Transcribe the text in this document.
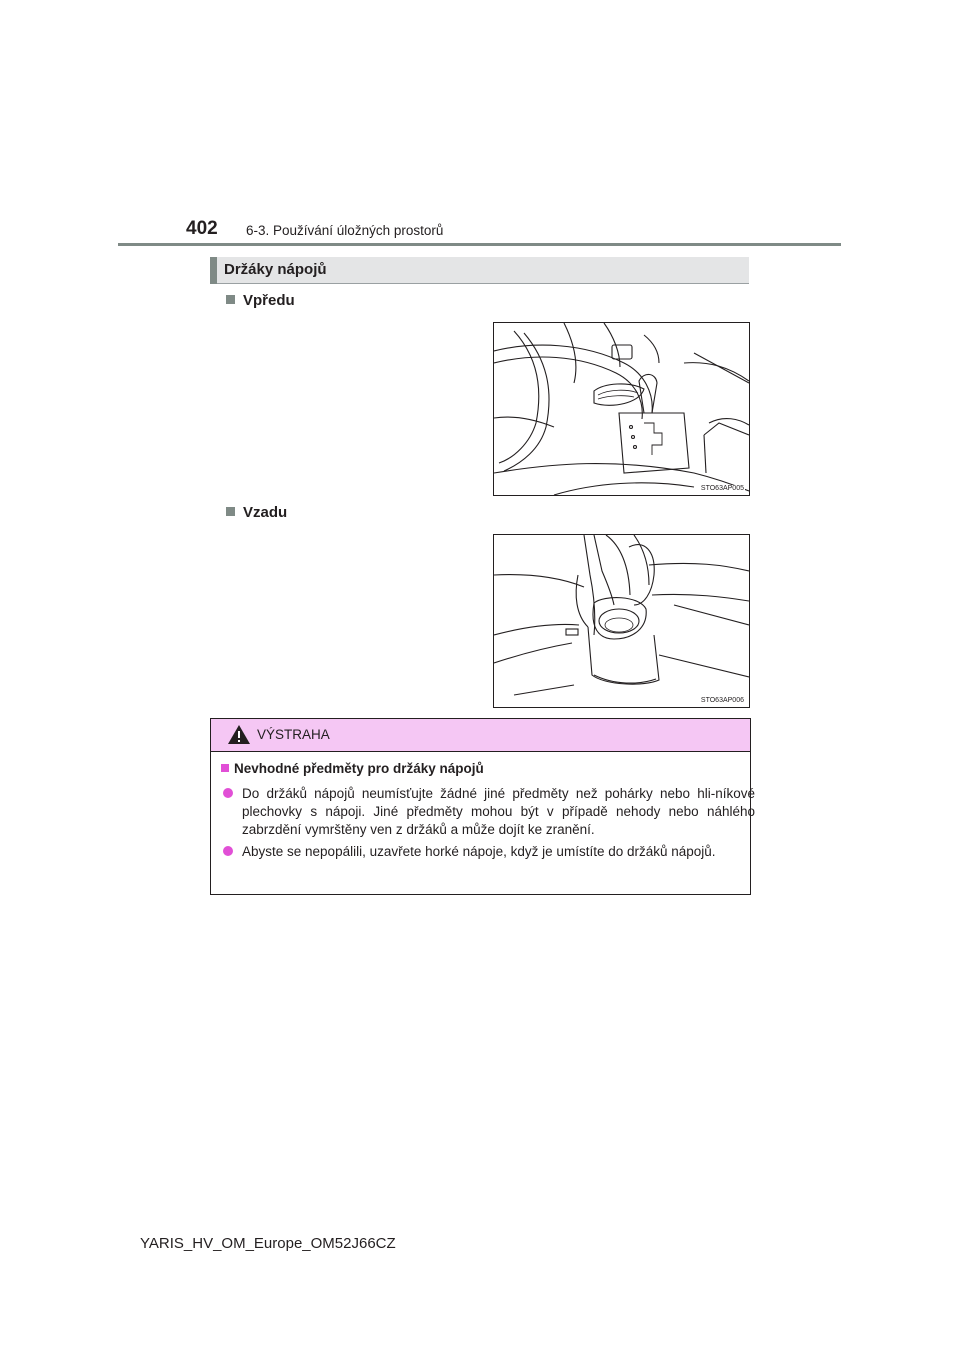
402 6-3. Používání úložných prostorů
Držáky nápojů
Vpředu
STO63AP005
Vzadu
STO63AP006
VÝSTRAHA
Nevhodné předměty pro držáky nápojů
Do držáků nápojů neumísťujte žádné jiné předměty než pohárky nebo hli-níkové plechovky s nápoji. Jiné předměty mohou být v případě nehody nebo náhlého zabrzdění vymrštěny ven z držáků a může dojít ke zranění.
Abyste se nepopálili, uzavřete horké nápoje, když je umístíte do držáků nápojů.
YARIS_HV_OM_Europe_OM52J66CZ
